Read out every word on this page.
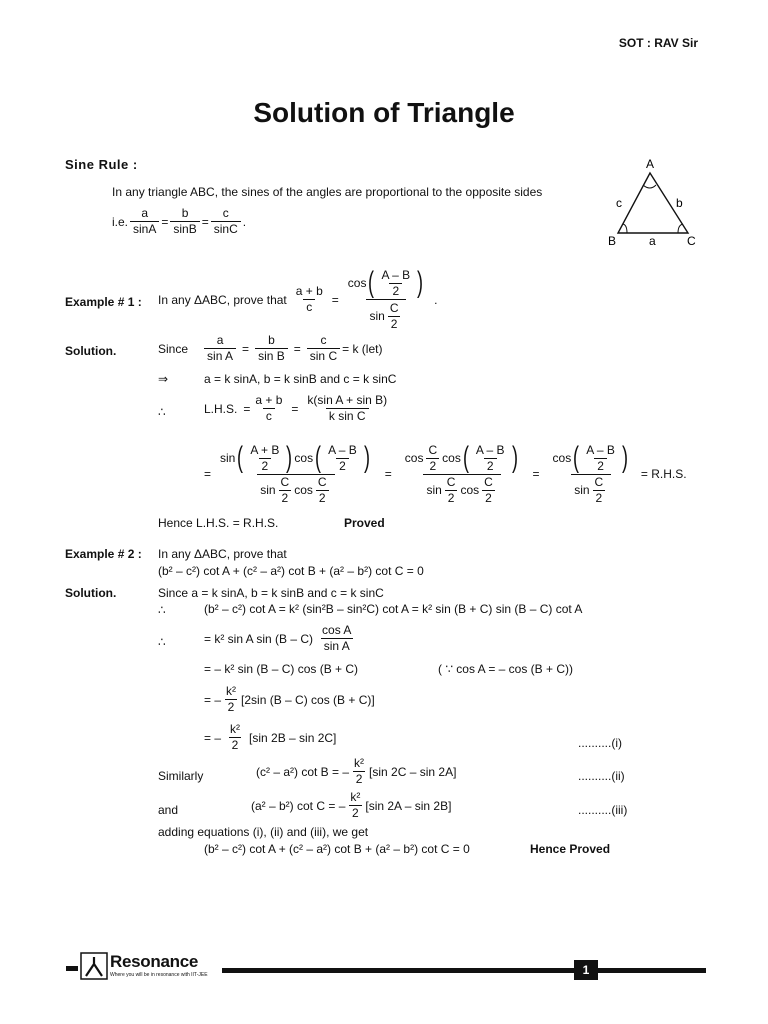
SOT : RAV Sir
Solution of Triangle
Sine Rule :
In any triangle ABC, the sines of the angles are proportional to the opposite sides
i.e. $\frac{a}{\sin A} = \frac{b}{\sin B} = \frac{c}{\sin C}$ .
A
B	C
a
b
c
Example # 1 : In any ΔABC, prove that $\frac{a + b}{c} = \frac{\cos ( \frac{A - B}{2} )}{\sin \frac{C}{2}}$ .
Solution.	Since $\frac{a}{\text{sin A}} = \frac{b}{\text{sin B}} = \frac{c}{\text{sin C}} = k$ (let)
⇒	a = k sinA, b = k sinB and c = k sinC
∴	L.H.S. = $\frac{a + b}{c} = \frac{\text{k(sin A + sin B)}}{\text{k sin C}}$
= $\frac{\sin ( \frac{A + B}{2} ) \cos ( \frac{A - B}{2} )}{\sin \frac{C}{2} \cos \frac{C}{2}} = \frac{\cos \frac{C}{2} \cos ( \frac{A - B}{2} )}{\sin \frac{C}{2} \cos \frac{C}{2}} = \frac{\cos ( \frac{A - B}{2} )}{\sin \frac{C}{2}} = R.H.S$.
Hence L.H.S. = R.H.S.	Proved
Example # 2 : In any ΔABC, prove that
(b² – c²) cot A + (c² – a²) cot B + (a² – b²) cot C = 0
Solution.	Since a = k sinA, b = k sinB and c = k sinC
∴	(b² – c²) cot A = k² (sin²B – sin²C) cot A = k² sin (B + C) sin (B – C) cot A
∴	= k² sin A $\sin (B - C) \frac{\text{cos A}}{\text{sin A}}$
= – k² sin (B – C) cos (B + C)	( ∵ cos A = – cos (B + C))
= – $\frac{\text{k²}}{2} [2\sin$ (B – C) cos (B + C)]
= – $\frac{\text{k²}}{2} [\sin$ 2B – sin 2C]	..........(i)
Similarly	(c² – a²) cot B = – $\frac{\text{k²}}{2} [\sin$ 2C – sin 2A]	..........(ii)
and	(a² – b²) cot C = – $\frac{\text{k²}}{2} [\sin$ 2A – sin 2B]	..........(iii)
adding equations (i), (ii) and (iii), we get
(b² – c²) cot A + (c² – a²) cot B + (a² – b²) cot C = 0	Hence Proved
Resonance
Where you will be in resonance with IIT-JEE	1
